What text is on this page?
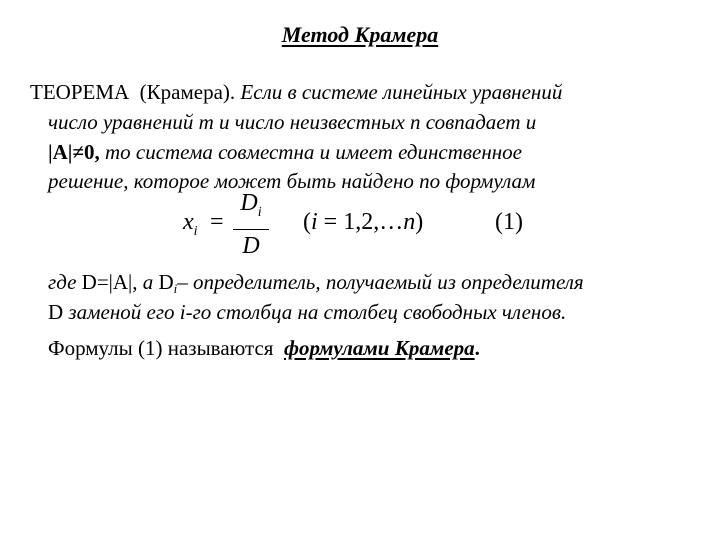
Метод Крамера
ТЕОРЕМА (Крамера). Если в системе линейных уравнений
число уравнений m и число неизвестных n совпадает и
|A|≠0, то система совместна и имеет единственное
решение, которое может быть найдено по формулам
$x_i$ =
$D_i$
D
(i = 1,2,…n)	(1)
где D=|A|, а $D_i-$ определитель, получаемый из определителя
D заменой его i-го столбца на столбец свободных членов.
Формулы (1) называются формулами Крамера.
